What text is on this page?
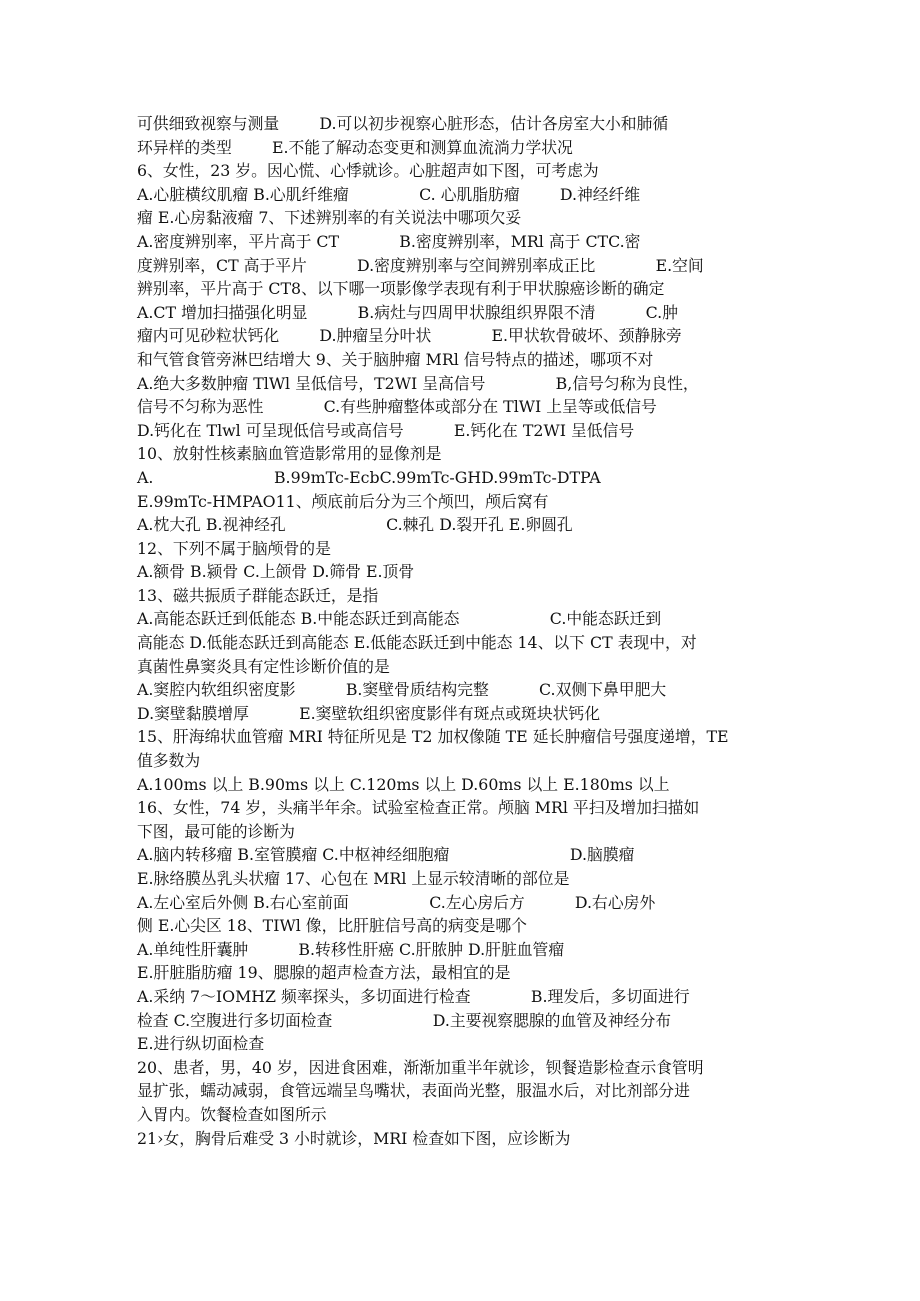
可供细致视察与测量        D.可以初步视察心脏形态，估计各房室大小和肺循
环异样的类型        E.不能了解动态变更和测算血流淌力学状况
6、女性，23 岁。因心慌、心悸就诊。心脏超声如下图，可考虑为
A.心脏横纹肌瘤 B.心肌纤维瘤              C. 心肌脂肪瘤        D.神经纤维
瘤 E.心房黏液瘤 7、下述辨别率的有关说法中哪项欠妥
A.密度辨别率，平片高于 CT            B.密度辨别率，MRl 高于 CTC.密
度辨别率，CT 高于平片          D.密度辨别率与空间辨别率成正比            E.空间
辨别率，平片高于 CT8、以下哪一项影像学表现有利于甲状腺癌诊断的确定
A.CT 增加扫描强化明显          B.病灶与四周甲状腺组织界限不清          C.肿
瘤内可见砂粒状钙化        D.肿瘤呈分叶状            E.甲状软骨破坏、颈静脉旁
和气管食管旁淋巴结增大 9、关于脑肿瘤 MRl 信号特点的描述，哪项不对
A.绝大多数肿瘤 TlWl 呈低信号，T2WI 呈高信号              B,信号匀称为良性，
信号不匀称为恶性            C.有些肿瘤整体或部分在 TlWI 上呈等或低信号
D.钙化在 Tlwl 可呈现低信号或高信号          E.钙化在 T2WI 呈低信号
10、放射性核素脑血管造影常用的显像剂是
A.                        B.99mTc-EcbC.99mTc-GHD.99mTc-DTPA
E.99mTc-HMPAO11、颅底前后分为三个颅凹，颅后窝有
A.枕大孔 B.视神经孔                    C.棘孔 D.裂开孔 E.卵圆孔
12、下列不属于脑颅骨的是
A.额骨 B.颍骨 C.上颌骨 D.筛骨 E.顶骨
13、磁共振质子群能态跃迁，是指
A.高能态跃迁到低能态 B.中能态跃迁到高能态                  C.中能态跃迁到
高能态 D.低能态跃迁到高能态 E.低能态跃迁到中能态 14、以下 CT 表现中，对
真菌性鼻窦炎具有定性诊断价值的是
A.窦腔内软组织密度影          B.窦壁骨质结构完整          C.双侧下鼻甲肥大
D.窦壁黏膜增厚          E.窦壁软组织密度影伴有斑点或斑块状钙化
15、肝海绵状血管瘤 MRI 特征所见是 T2 加权像随 TE 延长肿瘤信号强度递增，TE
值多数为
A.100ms 以上 B.90ms 以上 C.120ms 以上 D.60ms 以上 E.180ms 以上
16、女性，74 岁，头痛半年余。试验室检查正常。颅脑 MRl 平扫及增加扫描如
下图，最可能的诊断为
A.脑内转移瘤 B.室管膜瘤 C.中枢神经细胞瘤                        D.脑膜瘤
E.脉络膜丛乳头状瘤 17、心包在 MRl 上显示较清晰的部位是
A.左心室后外侧 B.右心室前面                C.左心房后方          D.右心房外
侧 E.心尖区 18、TIWl 像，比肝脏信号高的病变是哪个
A.单纯性肝囊肿          B.转移性肝癌 C.肝脓肿 D.肝脏血管瘤
E.肝脏脂肪瘤 19、腮腺的超声检查方法，最相宜的是
A.采纳 7～IOMHZ 频率探头，多切面进行检查            B.理发后，多切面进行
检查 C.空腹进行多切面检查                    D.主要视察腮腺的血管及神经分布
E.进行纵切面检查
20、患者，男，40 岁，因进食困难，渐渐加重半年就诊，钡餐造影检查示食管明
显扩张，蠕动减弱，食管远端呈鸟嘴状，表面尚光整，服温水后，对比剂部分进
入胃内。饮餐检查如图所示
21›女，胸骨后难受 3 小时就诊，MRI 检查如下图，应诊断为
